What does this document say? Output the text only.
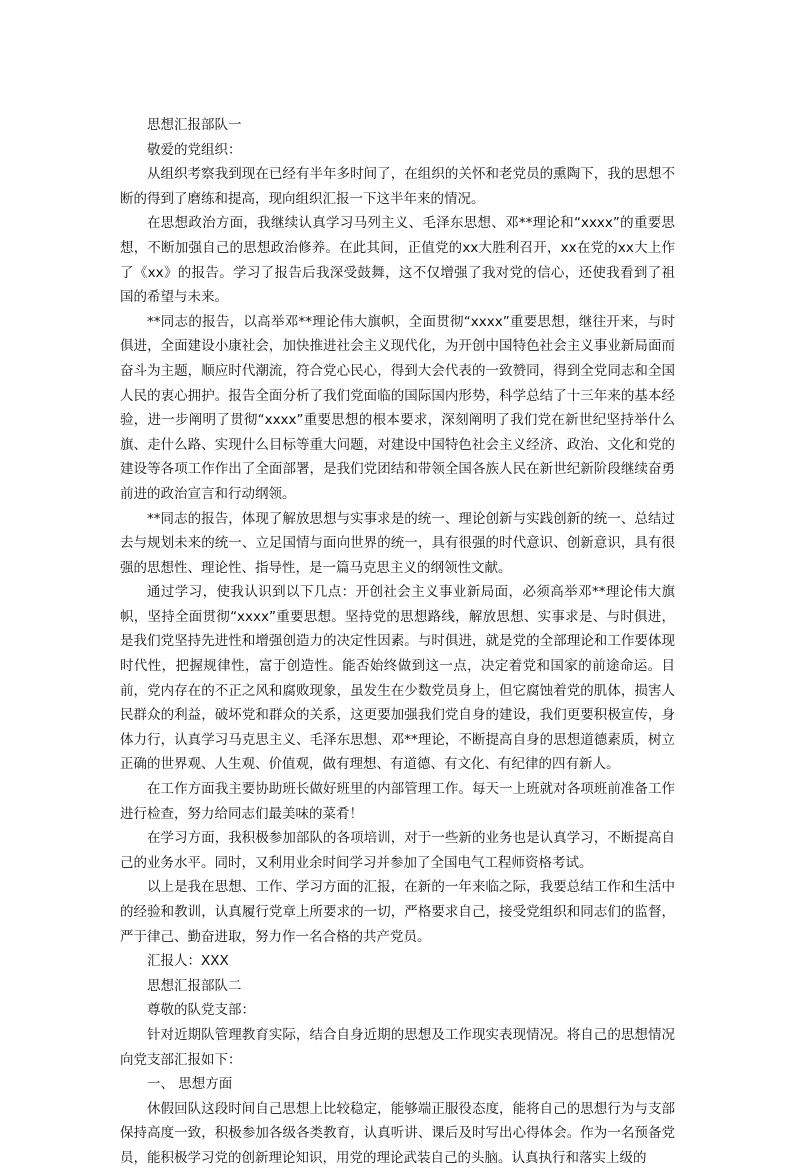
思想汇报部队一

敬爱的党组织：

从组织考察我到现在已经有半年多时间了，在组织的关怀和老党员的熏陶下，我的思想不断的得到了磨练和提高，现向组织汇报一下这半年来的情况。

在思想政治方面，我继续认真学习马列主义、毛泽东思想、邓**理论和“xxxx”的重要思想，不断加强自己的思想政治修养。在此其间，正值党的xx大胜利召开，xx在党的xx大上作了《xx》的报告。学习了报告后我深受鼓舞，这不仅增强了我对党的信心，还使我看到了祖国的希望与未来。

**同志的报告，以高举邓**理论伟大旗帜，全面贯彻“xxxx”重要思想，继往开来，与时俱进，全面建设小康社会，加快推进社会主义现代化，为开创中国特色社会主义事业新局面而奋斗为主题，顺应时代潮流，符合党心民心，得到大会代表的一致赞同，得到全党同志和全国人民的衷心拥护。报告全面分析了我们党面临的国际国内形势，科学总结了十三年来的基本经验，进一步阐明了贯彻“xxxx”重要思想的根本要求，深刻阐明了我们党在新世纪坚持举什么旗、走什么路、实现什么目标等重大问题，对建设中国特色社会主义经济、政治、文化和党的建设等各项工作作出了全面部署，是我们党团结和带领全国各族人民在新世纪新阶段继续奋勇前进的政治宣言和行动纲领。

**同志的报告，体现了解放思想与实事求是的统一、理论创新与实践创新的统一、总结过去与规划未来的统一、立足国情与面向世界的统一，具有很强的时代意识、创新意识，具有很强的思想性、理论性、指导性，是一篇马克思主义的纲领性文献。

通过学习，使我认识到以下几点：开创社会主义事业新局面，必须高举邓**理论伟大旗帜，坚持全面贯彻“xxxx”重要思想。坚持党的思想路线，解放思想、实事求是、与时俱进，是我们党坚持先进性和增强创造力的决定性因素。与时俱进，就是党的全部理论和工作要体现时代性，把握规律性，富于创造性。能否始终做到这一点，决定着党和国家的前途命运。目前，党内存在的不正之风和腐败现象，虽发生在少数党员身上，但它腐蚀着党的肌体，损害人民群众的利益，破坏党和群众的关系，这更要加强我们党自身的建设，我们更要积极宣传，身体力行，认真学习马克思主义、毛泽东思想、邓**理论，不断提高自身的思想道德素质，树立正确的世界观、人生观、价值观，做有理想、有道德、有文化、有纪律的四有新人。

在工作方面我主要协助班长做好班里的内部管理工作。每天一上班就对各项班前准备工作进行检查，努力给同志们最美味的菜肴！

在学习方面，我积极参加部队的各项培训，对于一些新的业务也是认真学习，不断提高自己的业务水平。同时，又利用业余时间学习并参加了全国电气工程师资格考试。

以上是我在思想、工作、学习方面的汇报，在新的一年来临之际，我要总结工作和生活中的经验和教训，认真履行党章上所要求的一切，严格要求自己，接受党组织和同志们的监督，严于律己、勤奋进取，努力作一名合格的共产党员。

汇报人：XXX

思想汇报部队二

尊敬的队党支部：

针对近期队管理教育实际，结合自身近期的思想及工作现实表现情况。将自己的思想情况向党支部汇报如下：

一、 思想方面

休假回队这段时间自己思想上比较稳定，能够端正服役态度，能将自己的思想行为与支部保持高度一致，积极参加各级各类教育，认真听讲、课后及时写出心得体会。作为一名预备党员，能积极学习党的创新理论知识，用党的理论武装自己的头脑。认真执行和落实上级的
